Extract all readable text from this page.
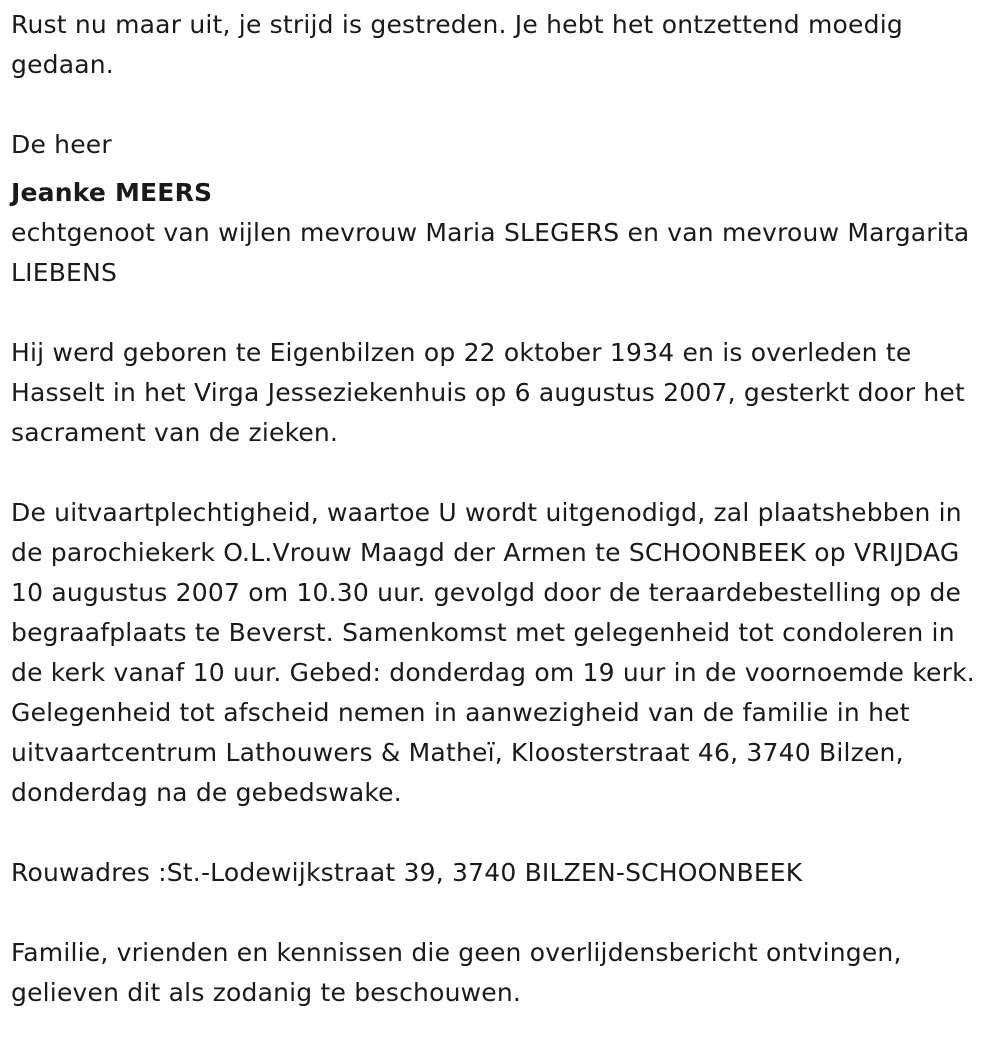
Rust nu maar uit, je strijd is gestreden. Je hebt het ontzettend moedig gedaan.

De heer

Jeanke MEERS

echtgenoot van wijlen mevrouw Maria SLEGERS en van mevrouw Margarita LIEBENS

Hij werd geboren te Eigenbilzen op 22 oktober 1934 en is overleden te Hasselt in het Virga Jesseziekenhuis op 6 augustus 2007, gesterkt door het sacrament van de zieken.

De uitvaartplechtigheid, waartoe U wordt uitgenodigd, zal plaatshebben in de parochiekerk O.L.Vrouw Maagd der Armen te SCHOONBEEK op VRIJDAG 10 augustus 2007 om 10.30 uur. gevolgd door de teraardebestelling op de begraafplaats te Beverst. Samenkomst met gelegenheid tot condoleren in de kerk vanaf 10 uur. Gebed: donderdag om 19 uur in de voornoemde kerk. Gelegenheid tot afscheid nemen in aanwezigheid van de familie in het uitvaartcentrum Lathouwers & Matheï, Kloosterstraat 46, 3740 Bilzen, donderdag na de gebedswake.

Rouwadres :St.-Lodewijkstraat 39, 3740 BILZEN-SCHOONBEEK

Familie, vrienden en kennissen die geen overlijdensbericht ontvingen, gelieven dit als zodanig te beschouwen.
